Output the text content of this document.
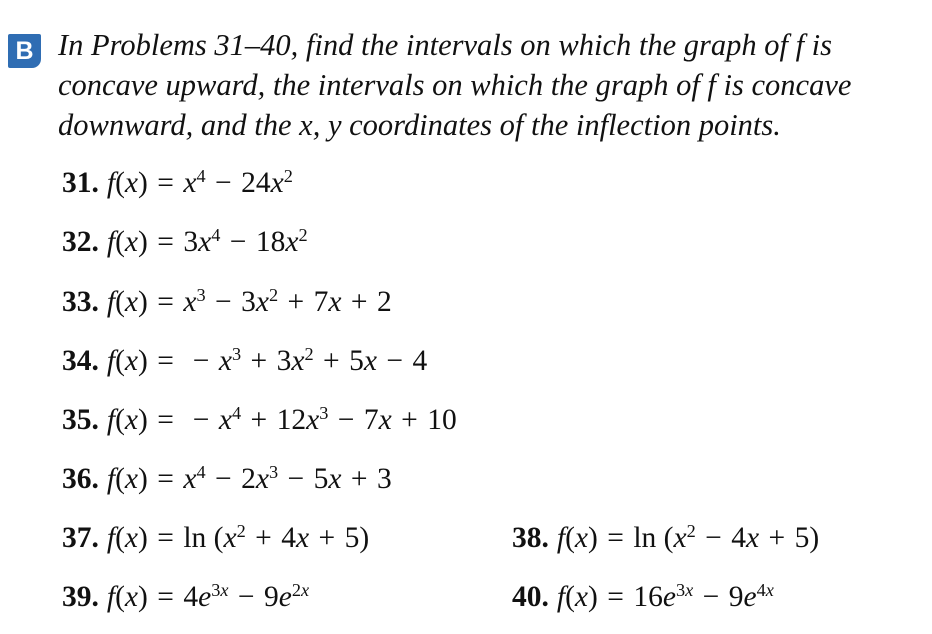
B In Problems 31–40, find the intervals on which the graph of f is
concave upward, the intervals on which the graph of f is concave
downward, and the x, y coordinates of the inflection points.

31. $f(x) = x^4 - 24x^2$
32. $f(x) = 3x^4 - 18x^2$
33. $f(x) = x^3 - 3x^2 + 7x + 2$
34. f(x) = − $x^3 + 3x^2 + 5x - 4$
35. f(x) = − $x^4 + 12x^3 - 7x + 10$
36. $f(x) = x^4 - 2x^3 - 5x + 3$
37. $f(x) = \ln (x^2 + 4x + 5)$	38. $f(x) = \ln (x^2 - 4x + 5)$
39. $f(x) = 4e^{3x} - 9e^{2x}$	40. $f(x) = 16e^{3x} - 9e^{4x}$
